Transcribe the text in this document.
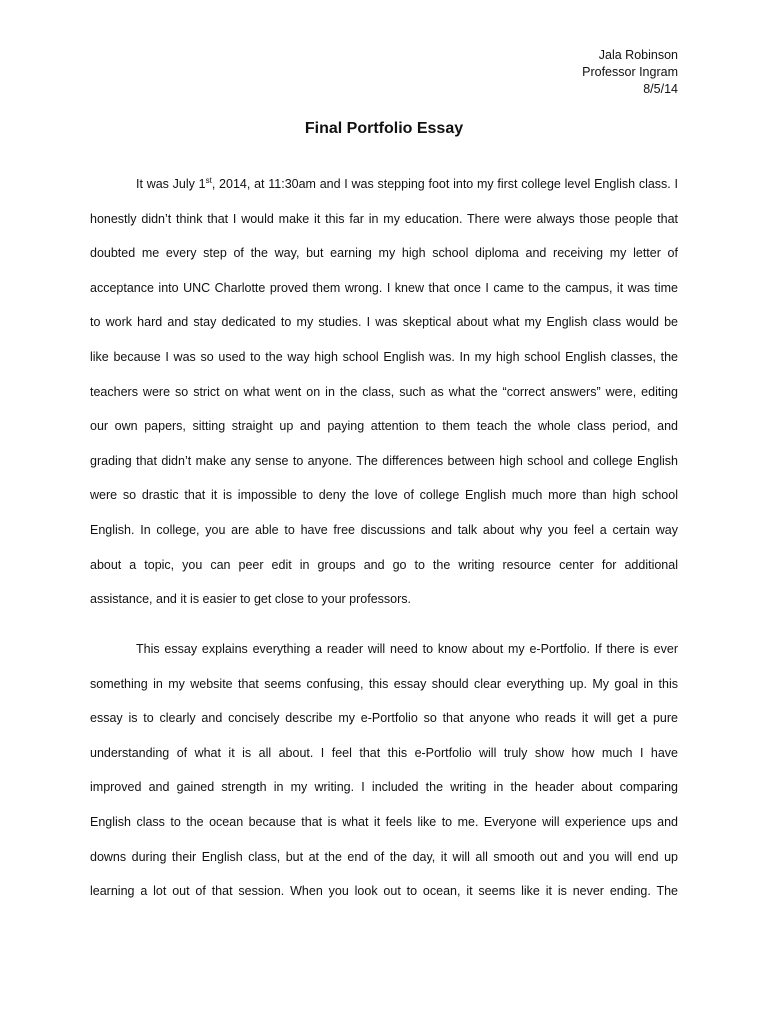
Jala Robinson
Professor Ingram
8/5/14
Final Portfolio Essay
It was July 1st, 2014, at 11:30am and I was stepping foot into my first college level English class. I
honestly didn’t think that I would make it this far in my education. There were always those people that
doubted me every step of the way, but earning my high school diploma and receiving my letter of
acceptance into UNC Charlotte proved them wrong. I knew that once I came to the campus, it was time
to work hard and stay dedicated to my studies. I was skeptical about what my English class would be
like because I was so used to the way high school English was. In my high school English classes, the
teachers were so strict on what went on in the class, such as what the “correct answers” were, editing
our own papers, sitting straight up and paying attention to them teach the whole class period, and
grading that didn’t make any sense to anyone. The differences between high school and college English
were so drastic that it is impossible to deny the love of college English much more than high school
English. In college, you are able to have free discussions and talk about why you feel a certain way
about a topic, you can peer edit in groups and go to the writing resource center for additional
assistance, and it is easier to get close to your professors.
This essay explains everything a reader will need to know about my e-Portfolio. If there is ever
something in my website that seems confusing, this essay should clear everything up. My goal in this
essay is to clearly and concisely describe my e-Portfolio so that anyone who reads it will get a pure
understanding of what it is all about. I feel that this e-Portfolio will truly show how much I have
improved and gained strength in my writing. I included the writing in the header about comparing
English class to the ocean because that is what it feels like to me. Everyone will experience ups and
downs during their English class, but at the end of the day, it will all smooth out and you will end up
learning a lot out of that session. When you look out to ocean, it seems like it is never ending. The
